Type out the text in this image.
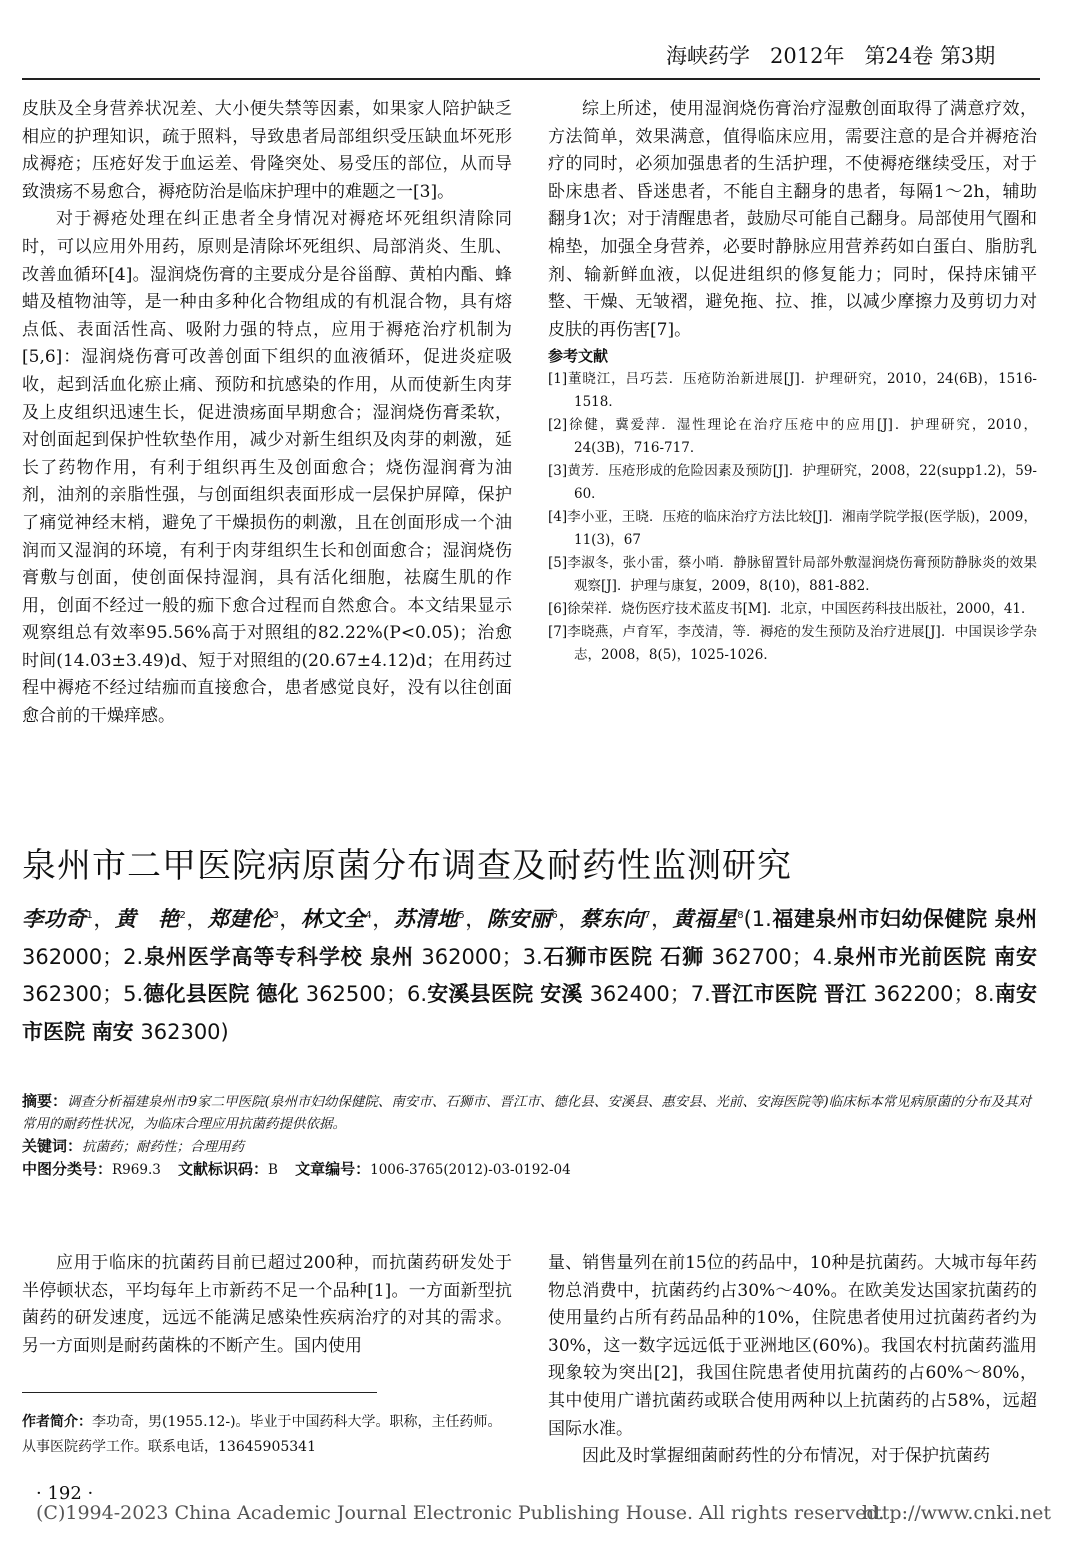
海峡药学 2012年 第24卷 第3期

皮肤及全身营养状况差、大小便失禁等因素，如果家人陪护缺乏相应的护理知识，疏于照料，导致患者局部组织受压缺血坏死形成褥疮；压疮好发于血运差、骨隆突处、易受压的部位，从而导致溃疡不易愈合，褥疮防治是临床护理中的难题之一[3]。

对于褥疮处理在纠正患者全身情况对褥疮坏死组织清除同时，可以应用外用药，原则是清除坏死组织、局部消炎、生肌、改善血循环[4]。湿润烧伤膏的主要成分是谷甾醇、黄柏内酯、蜂蜡及植物油等，是一种由多种化合物组成的有机混合物，具有熔点低、表面活性高、吸附力强的特点，应用于褥疮治疗机制为[5,6]：湿润烧伤膏可改善创面下组织的血液循环，促进炎症吸收，起到活血化瘀止痛、预防和抗感染的作用，从而使新生肉芽及上皮组织迅速生长，促进溃疡面早期愈合；湿润烧伤膏柔软，对创面起到保护性软垫作用，减少对新生组织及肉芽的刺激，延长了药物作用，有利于组织再生及创面愈合；烧伤湿润膏为油剂，油剂的亲脂性强，与创面组织表面形成一层保护屏障，保护了痛觉神经末梢，避免了干燥损伤的刺激，且在创面形成一个油润而又湿润的环境，有利于肉芽组织生长和创面愈合；湿润烧伤膏敷与创面，使创面保持湿润，具有活化细胞，祛腐生肌的作用，创面不经过一般的痂下愈合过程而自然愈合。本文结果显示观察组总有效率95.56%高于对照组的82.22%(P<0.05)；治愈时间(14.03±3.49)d、短于对照组的(20.67±4.12)d；在用药过程中褥疮不经过结痂而直接愈合，患者感觉良好，没有以往创面愈合前的干燥痒感。

综上所述，使用湿润烧伤膏治疗湿敷创面取得了满意疗效，方法简单，效果满意，值得临床应用，需要注意的是合并褥疮治疗的同时，必须加强患者的生活护理，不使褥疮继续受压，对于卧床患者、昏迷患者，不能自主翻身的患者，每隔1～2h，辅助翻身1次；对于清醒患者，鼓励尽可能自己翻身。局部使用气圈和棉垫，加强全身营养，必要时静脉应用营养药如白蛋白、脂肪乳剂、输新鲜血液，以促进组织的修复能力；同时，保持床铺平整、干燥、无皱褶，避免拖、拉、推，以减少摩擦力及剪切力对皮肤的再伤害[7]。

参考文献

[1]董晓江，吕巧芸．压疮防治新进展[J]．护理研究，2010，24(6B)，1516-1518．

[2]徐健，冀爱萍．湿性理论在治疗压疮中的应用[J]．护理研究，2010，24(3B)，716-717．

[3]黄芳．压疮形成的危险因素及预防[J]．护理研究，2008，22(supp1.2)，59-60．

[4]李小亚，王晓．压疮的临床治疗方法比较[J]．湘南学院学报(医学版)，2009，11(3)，67

[5]李淑冬，张小雷，蔡小哨．静脉留置针局部外敷湿润烧伤膏预防静脉炎的效果观察[J]．护理与康复，2009，8(10)，881-882．

[6]徐荣祥．烧伤医疗技术蓝皮书[M]．北京，中国医药科技出版社，2000，41．

[7]李晓燕，卢育军，李茂清，等．褥疮的发生预防及治疗进展[J]．中国误诊学杂志，2008，8(5)，1025-1026．

泉州市二甲医院病原菌分布调查及耐药性监测研究
李功奇$^1$，黄　艳$^2$，郑建伦$^3$，林文全$^4$，苏清地$^5$，陈安丽$^6$，蔡东向$^7$，黄福星$^8$(1.福建泉州市妇幼保健院 泉州 362000；2.泉州医学高等专科学校 泉州 362000；3.石狮市医院 石狮 362700；4.泉州市光前医院 南安 362300；5.德化县医院 德化 362500；6.安溪县医院 安溪 362400；7.晋江市医院 晋江 362200；8.南安市医院 南安 362300)

摘要：调查分析福建泉州市9家二甲医院(泉州市妇幼保健院、南安市、石狮市、晋江市、德化县、安溪县、惠安县、光前、安海医院等)临床标本常见病原菌的分布及其对常用的耐药性状况，为临床合理应用抗菌药提供依据。

关键词：抗菌药；耐药性；合理用药

中图分类号：R969.3 文献标识码：B 文章编号：1006-3765(2012)-03-0192-04

应用于临床的抗菌药目前已超过200种，而抗菌药研发处于半停顿状态，平均每年上市新药不足一个品种[1]。一方面新型抗菌药的研发速度，远远不能满足感染性疾病治疗的对其的需求。另一方面则是耐药菌株的不断产生。国内使用

量、销售量列在前15位的药品中，10种是抗菌药。大城市每年药物总消费中，抗菌药约占30%～40%。在欧美发达国家抗菌药的使用量约占所有药品品种的10%，住院患者使用过抗菌药者约为30%，这一数字远远低于亚洲地区(60%)。我国农村抗菌药滥用现象较为突出[2]，我国住院患者使用抗菌药的占60%～80%，其中使用广谱抗菌药或联合使用两种以上抗菌药的占58%，远超国际水准。

因此及时掌握细菌耐药性的分布情况，对于保护抗菌药

作者简介：李功奇，男(1955.12-)。毕业于中国药科大学。职称，主任药师。从事医院药学工作。联系电话，13645905341

· 192 ·
(C)1994-2023 China Academic Journal Electronic Publishing House. All rights reserved.
http://www.cnki.net
